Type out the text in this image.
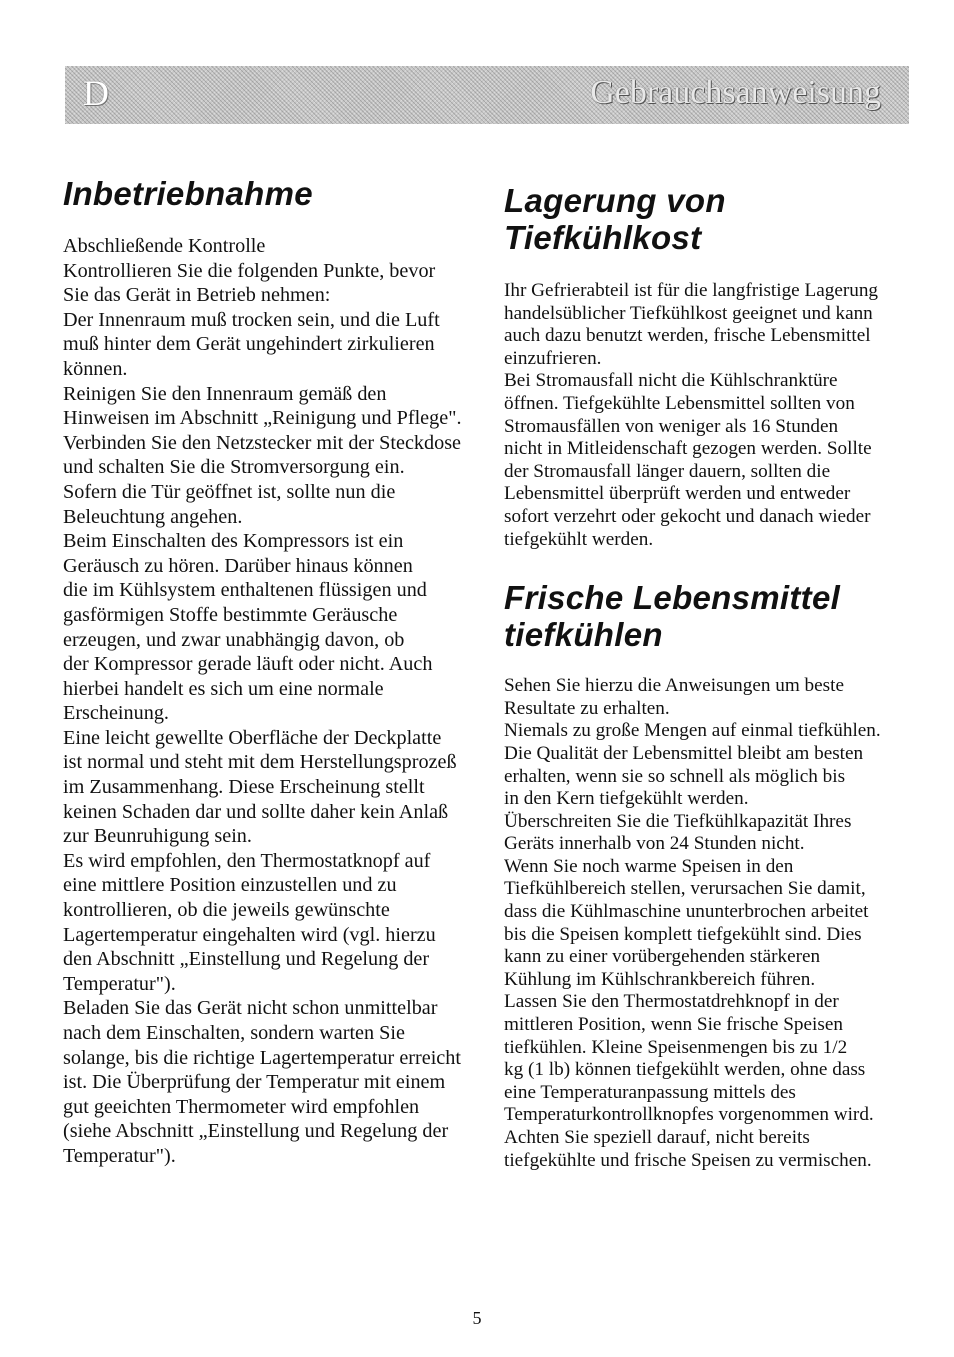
D	Gebrauchsanweisung
Inbetriebnahme
Abschließende Kontrolle
Kontrollieren Sie die folgenden Punkte, bevor
Sie das Gerät in Betrieb nehmen:
Der Innenraum muß trocken sein, und die Luft
muß hinter dem Gerät ungehindert zirkulieren
können.
Reinigen Sie den Innenraum gemäß den
Hinweisen im Abschnitt „Reinigung und Pflege".
Verbinden Sie den Netzstecker mit der Steckdose
und schalten Sie die Stromversorgung ein.
Sofern die Tür geöffnet ist, sollte nun die
Beleuchtung angehen.
Beim Einschalten des Kompressors ist ein
Geräusch zu hören. Darüber hinaus können
die im Kühlsystem enthaltenen flüssigen und
gasförmigen Stoffe bestimmte Geräusche
erzeugen, und zwar unabhängig davon, ob
der Kompressor gerade läuft oder nicht. Auch
hierbei handelt es sich um eine normale
Erscheinung.
Eine leicht gewellte Oberfläche der Deckplatte
ist normal und steht mit dem Herstellungsprozeß
im Zusammenhang. Diese Erscheinung stellt
keinen Schaden dar und sollte daher kein Anlaß
zur Beunruhigung sein.
Es wird empfohlen, den Thermostatknopf auf
eine mittlere Position einzustellen und zu
kontrollieren, ob die jeweils gewünschte
Lagertemperatur eingehalten wird (vgl. hierzu
den Abschnitt „Einstellung und Regelung der
Temperatur").
Beladen Sie das Gerät nicht schon unmittelbar
nach dem Einschalten, sondern warten Sie
solange, bis die richtige Lagertemperatur erreicht
ist. Die Überprüfung der Temperatur mit einem
gut geeichten Thermometer wird empfohlen
(siehe Abschnitt „Einstellung und Regelung der
Temperatur").
Lagerung von
Tiefkühlkost
Ihr Gefrierabteil ist für die langfristige Lagerung
handelsüblicher Tiefkühlkost geeignet und kann
auch dazu benutzt werden, frische Lebensmittel
einzufrieren.
Bei Stromausfall nicht die Kühlschranktüre
öffnen. Tiefgekühlte Lebensmittel sollten von
Stromausfällen von weniger als 16 Stunden
nicht in Mitleidenschaft gezogen werden. Sollte
der Stromausfall länger dauern, sollten die
Lebensmittel überprüft werden und entweder
sofort verzehrt oder gekocht und danach wieder
tiefgekühlt werden.
Frische Lebensmittel
tiefkühlen
Sehen Sie hierzu die Anweisungen um beste
Resultate zu erhalten.
Niemals zu große Mengen auf einmal tiefkühlen.
Die Qualität der Lebensmittel bleibt am besten
erhalten, wenn sie so schnell als möglich bis
in den Kern tiefgekühlt werden.
Überschreiten Sie die Tiefkühlkapazität Ihres
Geräts innerhalb von 24 Stunden nicht.
Wenn Sie noch warme Speisen in den
Tiefkühlbereich stellen, verursachen Sie damit,
dass die Kühlmaschine ununterbrochen arbeitet
bis die Speisen komplett tiefgekühlt sind. Dies
kann zu einer vorübergehenden stärkeren
Kühlung im Kühlschrankbereich führen.
Lassen Sie den Thermostatdrehknopf in der
mittleren Position, wenn Sie frische Speisen
tiefkühlen. Kleine Speisenmengen bis zu 1/2
kg (1 lb) können tiefgekühlt werden, ohne dass
eine Temperaturanpassung mittels des
Temperaturkontrollknopfes vorgenommen wird.
Achten Sie speziell darauf, nicht bereits
tiefgekühlte und frische Speisen zu vermischen.
5
